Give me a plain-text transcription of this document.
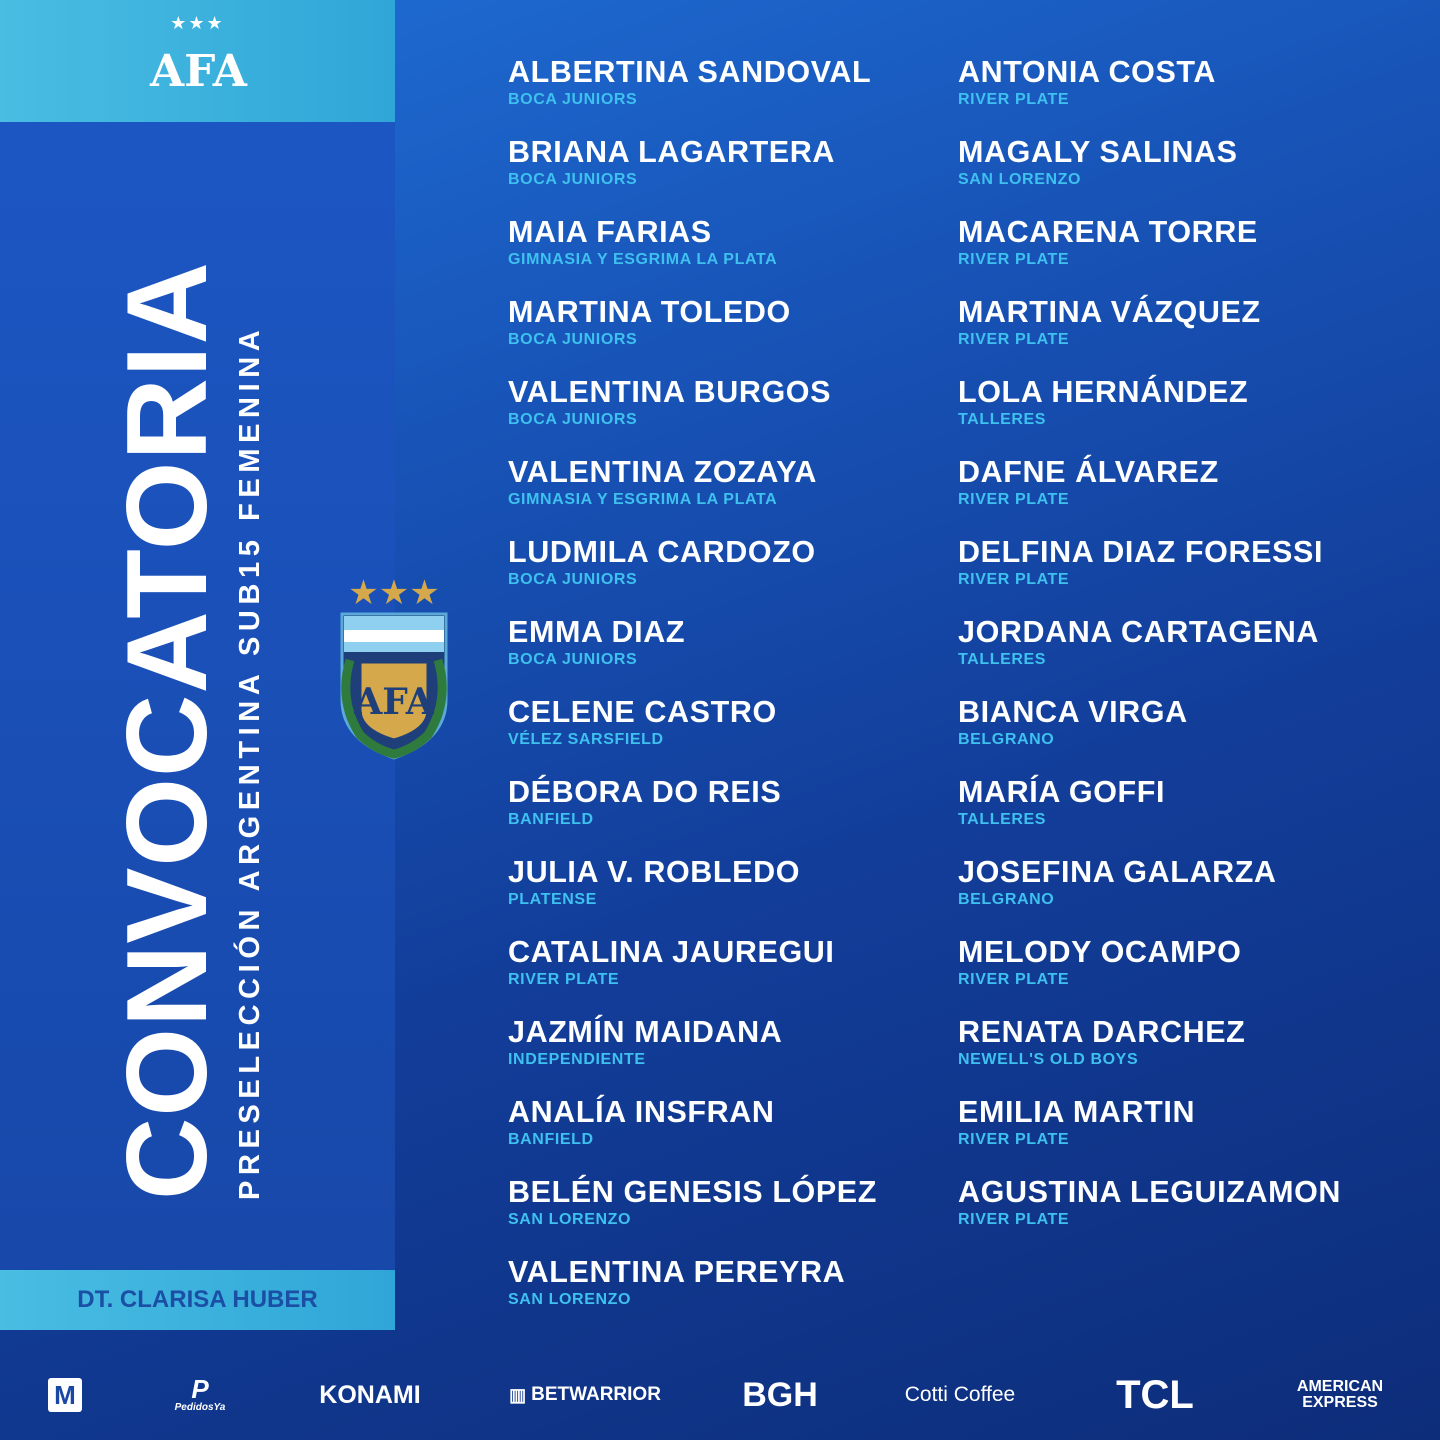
★★★
AFA
CONVOCATORIA PRESELECCIÓN ARGENTINA SUB15 FEMENINA
DT. CLARISA HUBER
★★★
AFA
ALBERTINA SANDOVAL
BOCA JUNIORS
BRIANA LAGARTERA
BOCA JUNIORS
MAIA FARIAS
GIMNASIA Y ESGRIMA LA PLATA
MARTINA TOLEDO
BOCA JUNIORS
VALENTINA BURGOS
BOCA JUNIORS
VALENTINA ZOZAYA
GIMNASIA Y ESGRIMA LA PLATA
LUDMILA CARDOZO
BOCA JUNIORS
EMMA DIAZ
BOCA JUNIORS
CELENE CASTRO
VÉLEZ SARSFIELD
DÉBORA DO REIS
BANFIELD
JULIA V. ROBLEDO
PLATENSE
CATALINA JAUREGUI
RIVER PLATE
JAZMÍN MAIDANA
INDEPENDIENTE
ANALÍA INSFRAN
BANFIELD
BELÉN GENESIS LÓPEZ
SAN LORENZO
VALENTINA PEREYRA
SAN LORENZO
ANTONIA COSTA
RIVER PLATE
MAGALY SALINAS
SAN LORENZO
MACARENA TORRE
RIVER PLATE
MARTINA VÁZQUEZ
RIVER PLATE
LOLA HERNÁNDEZ
TALLERES
DAFNE ÁLVAREZ
RIVER PLATE
DELFINA DIAZ FORESSI
RIVER PLATE
JORDANA CARTAGENA
TALLERES
BIANCA VIRGA
BELGRANO
MARÍA GOFFI
TALLERES
JOSEFINA GALARZA
BELGRANO
MELODY OCAMPO
RIVER PLATE
RENATA DARCHEZ
NEWELL'S OLD BOYS
EMILIA MARTIN
RIVER PLATE
AGUSTINA LEGUIZAMON
RIVER PLATE
M	P
PedidosYa	KONAMI	▥ BETWARRIOR	BGH	Cotti Coffee	TCL	AMERICAN
EXPRESS
